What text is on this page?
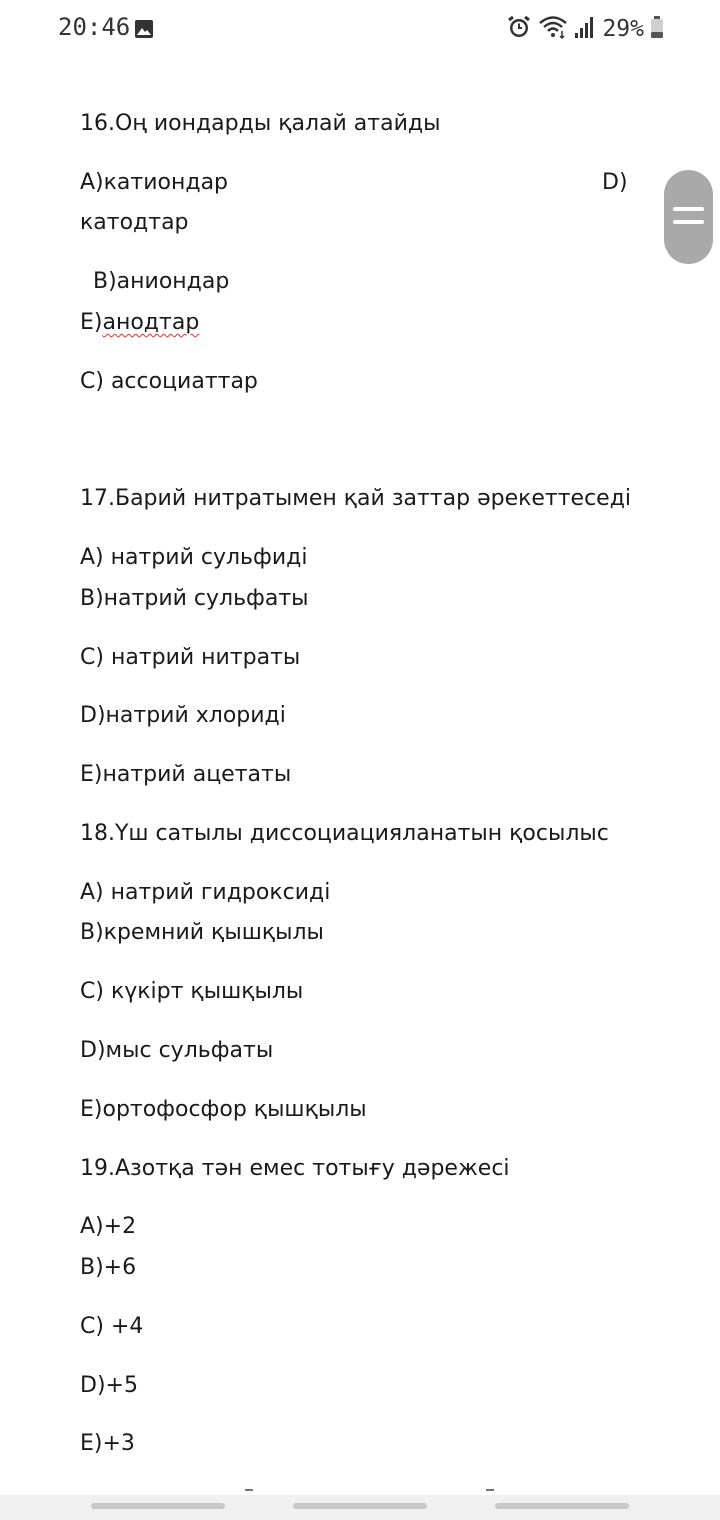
20:46	29%
16.Оң иондарды қалай атайды
А)катиондар	D)
катодтар
В)аниондар
Е)анодтар
С) ассоциаттар
17.Барий нитратымен қай заттар әрекеттеседі
А) натрий сульфиді
В)натрий сульфаты
С) натрий нитраты
D)натрий хлориді
Е)натрий ацетаты
18.Үш сатылы диссоциацияланатын қосылыс
А) натрий гидроксиді
В)кремний қышқылы
С) күкірт қышқылы
D)мыс сульфаты
Е)ортофосфор қышқылы
19.Азотқа тән емес тотығу дәрежесі
А)+2
В)+6
С) +4
D)+5
Е)+3
